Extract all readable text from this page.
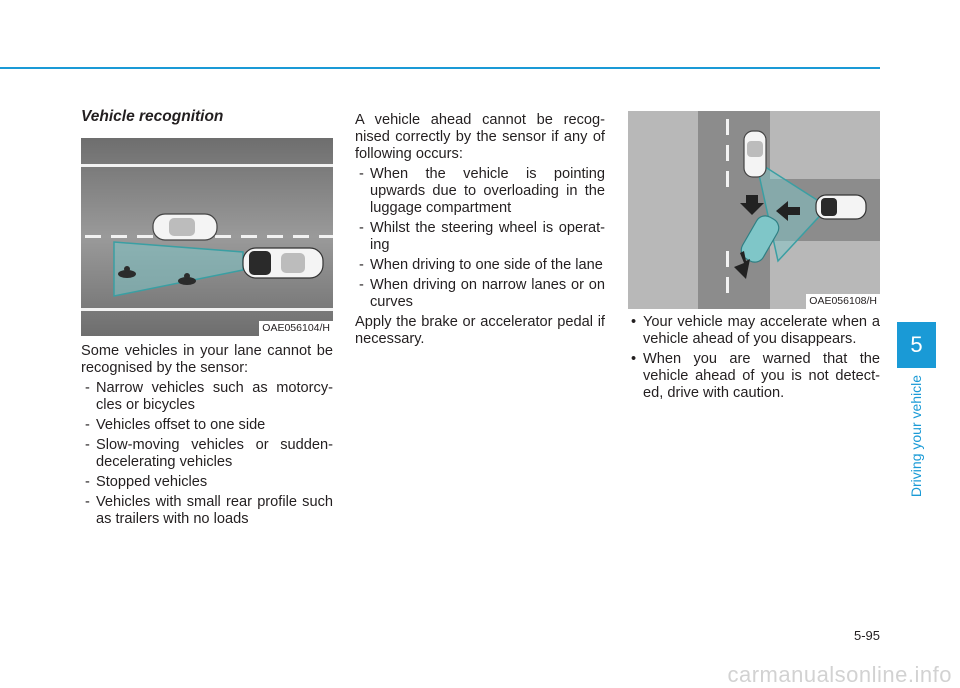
Vehicle recognition

OAE056104/H

Some vehicles in your lane cannot be recognised by the sensor:

- Narrow vehicles such as motorcy-cles or bicycles
- Vehicles offset to one side
- Slow-moving vehicles or sudden-decelerating vehicles
- Stopped vehicles
- Vehicles with small rear profile such as trailers with no loads

A vehicle ahead cannot be recog-nised correctly by the sensor if any of following occurs:

- When the vehicle is pointing upwards due to overloading in the luggage compartment
- Whilst the steering wheel is operat-ing
- When driving to one side of the lane
- When driving on narrow lanes or on curves

Apply the brake or accelerator pedal if necessary.

OAE056108/H
• Your vehicle may accelerate when a vehicle ahead of you disappears.
• When you are warned that the vehicle ahead of you is not detect-ed, drive with caution.
5
Driving your vehicle
5-95
carmanualsonline.info
